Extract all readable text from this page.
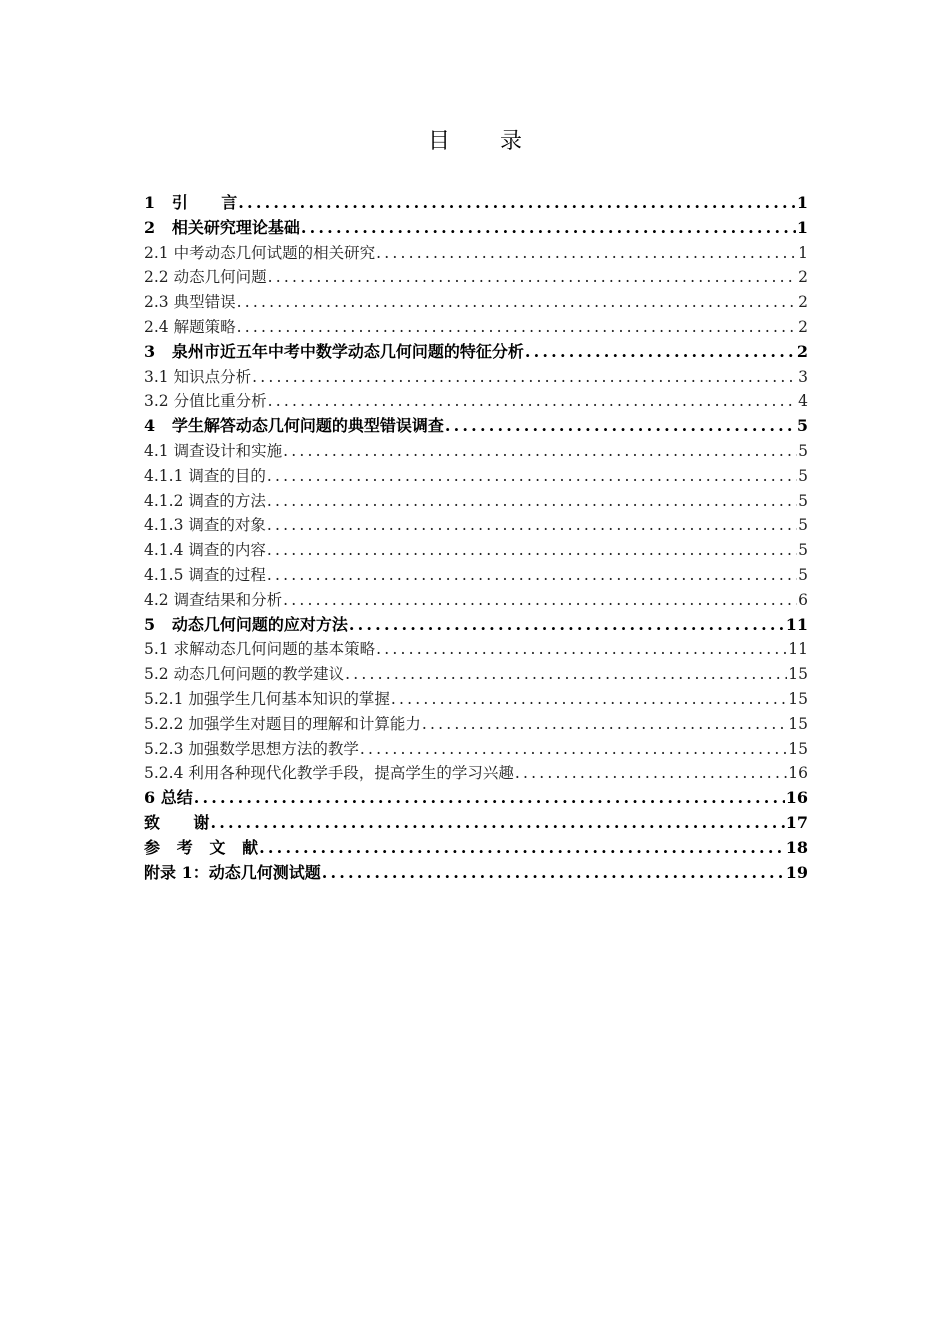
目 录
1   引      言 .....	1
2   相关研究理论基础 .....	1
2.1 中考动态几何试题的相关研究 .....	1
2.2 动态几何问题 .....	2
2.3 典型错误 .....	2
2.4 解题策略 .....	2
3   泉州市近五年中考中数学动态几何问题的特征分析 .....	2
3.1 知识点分析 .....	3
3.2 分值比重分析 .....	4
4   学生解答动态几何问题的典型错误调查 .....	5
4.1 调查设计和实施 .....	5
4.1.1 调查的目的 .....	5
4.1.2 调查的方法 .....	5
4.1.3 调查的对象 .....	5
4.1.4 调查的内容 .....	5
4.1.5 调查的过程 .....	5
4.2 调查结果和分析 .....	6
5   动态几何问题的应对方法 .....	11
5.1 求解动态几何问题的基本策略 .....	11
5.2 动态几何问题的教学建议 .....	15
5.2.1 加强学生几何基本知识的掌握 .....	15
5.2.2 加强学生对题目的理解和计算能力 .....	15
5.2.3 加强数学思想方法的教学 .....	15
5.2.4 利用各种现代化教学手段，提高学生的学习兴趣 .....	16
6 总结 .....	16
致      谢 .....	17
参   考   文   献 .....	18
附录 1：动态几何测试题 .....	19
